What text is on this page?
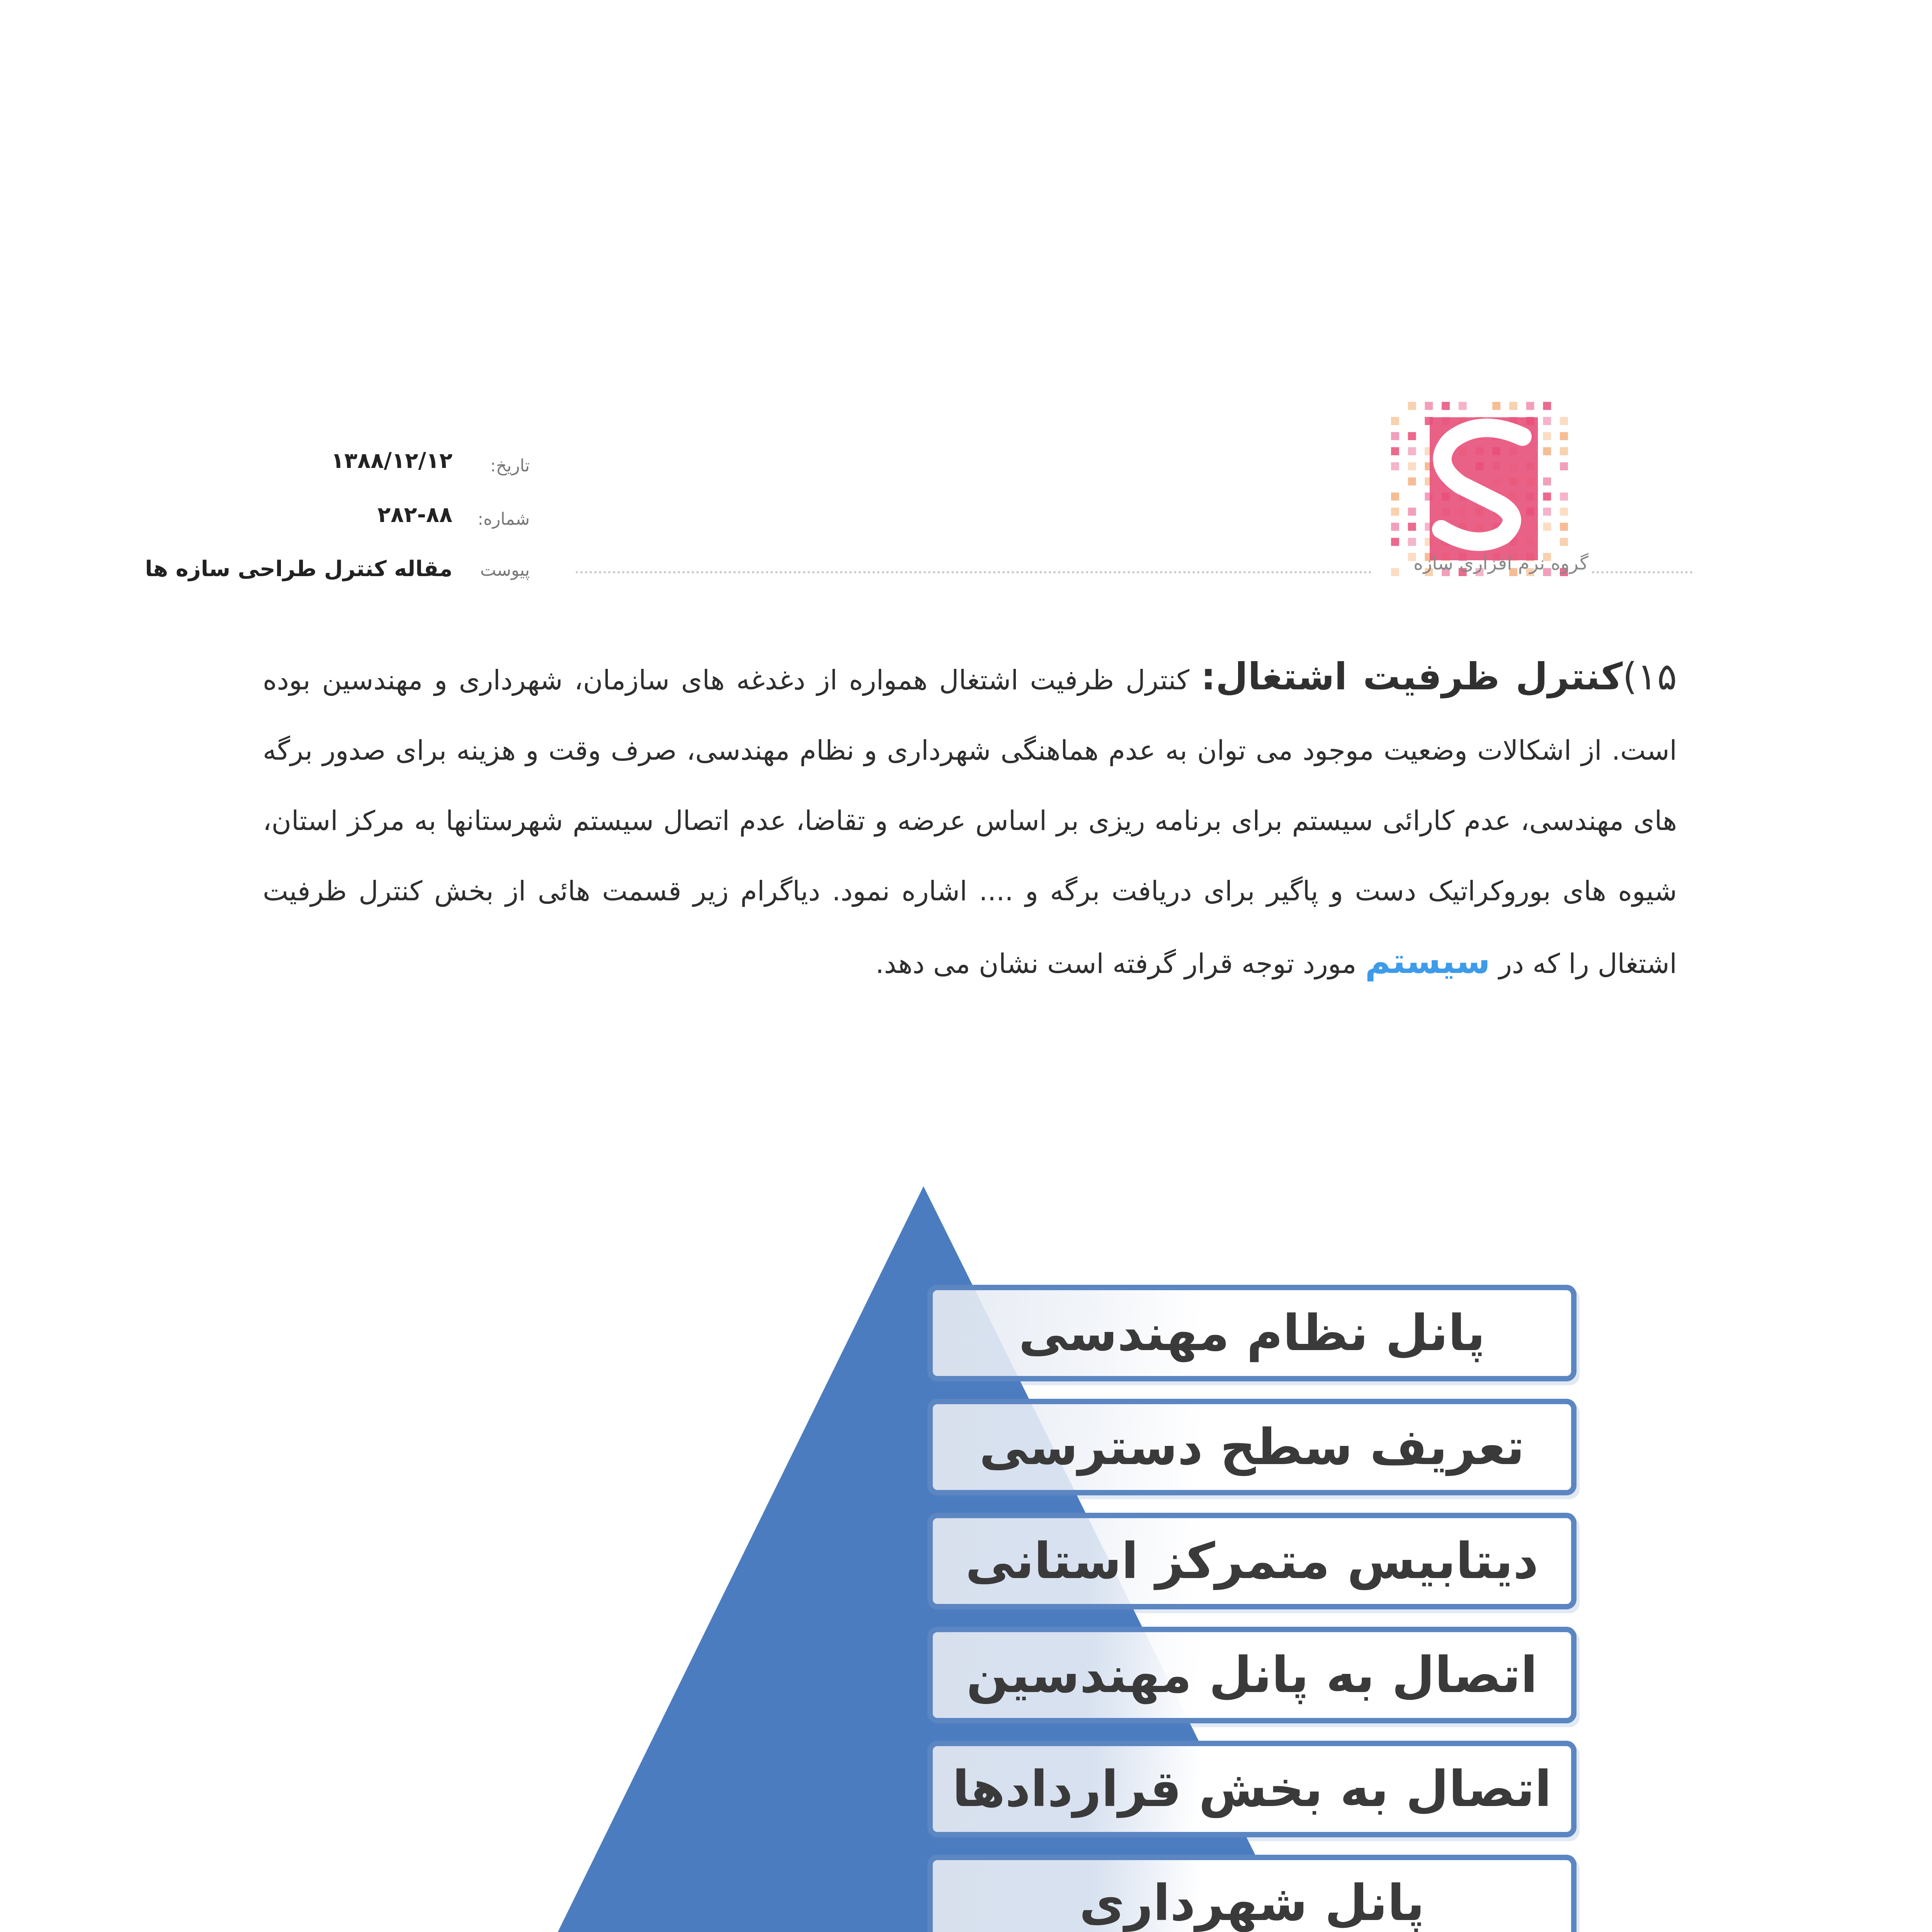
گروه نرم افزاری سازه
تاریخ:
۱۳۸۸/۱۲/۱۲
شماره:
۲۸۲-۸۸
پیوست
مقاله کنترل طراحی سازه ها
۱۵)کنترل ظرفیت اشتغال: کنترل ظرفیت اشتغال همواره از دغدغه های سازمان، شهرداری و مهندسین بوده است. از اشکالات وضعیت موجود می توان به عدم هماهنگی شهرداری و نظام مهندسی، صرف وقت و هزینه برای صدور برگه های مهندسی، عدم کارائی سیستم برای برنامه ریزی بر اساس عرضه و تقاضا، عدم اتصال سیستم شهرستانها به مرکز استان، شیوه های بوروکراتیک دست و پاگیر برای دریافت برگه و .... اشاره نمود. دیاگرام زیر قسمت هائی از بخش کنترل ظرفیت اشتغال را که در سیستم مورد توجه قرار گرفته است نشان می دهد.
پانل نظام مهندسی
تعریف سطح دسترسی
دیتابیس متمرکز استانی
اتصال به پانل مهندسین
اتصال به بخش قراردادها
پانل شهرداری
